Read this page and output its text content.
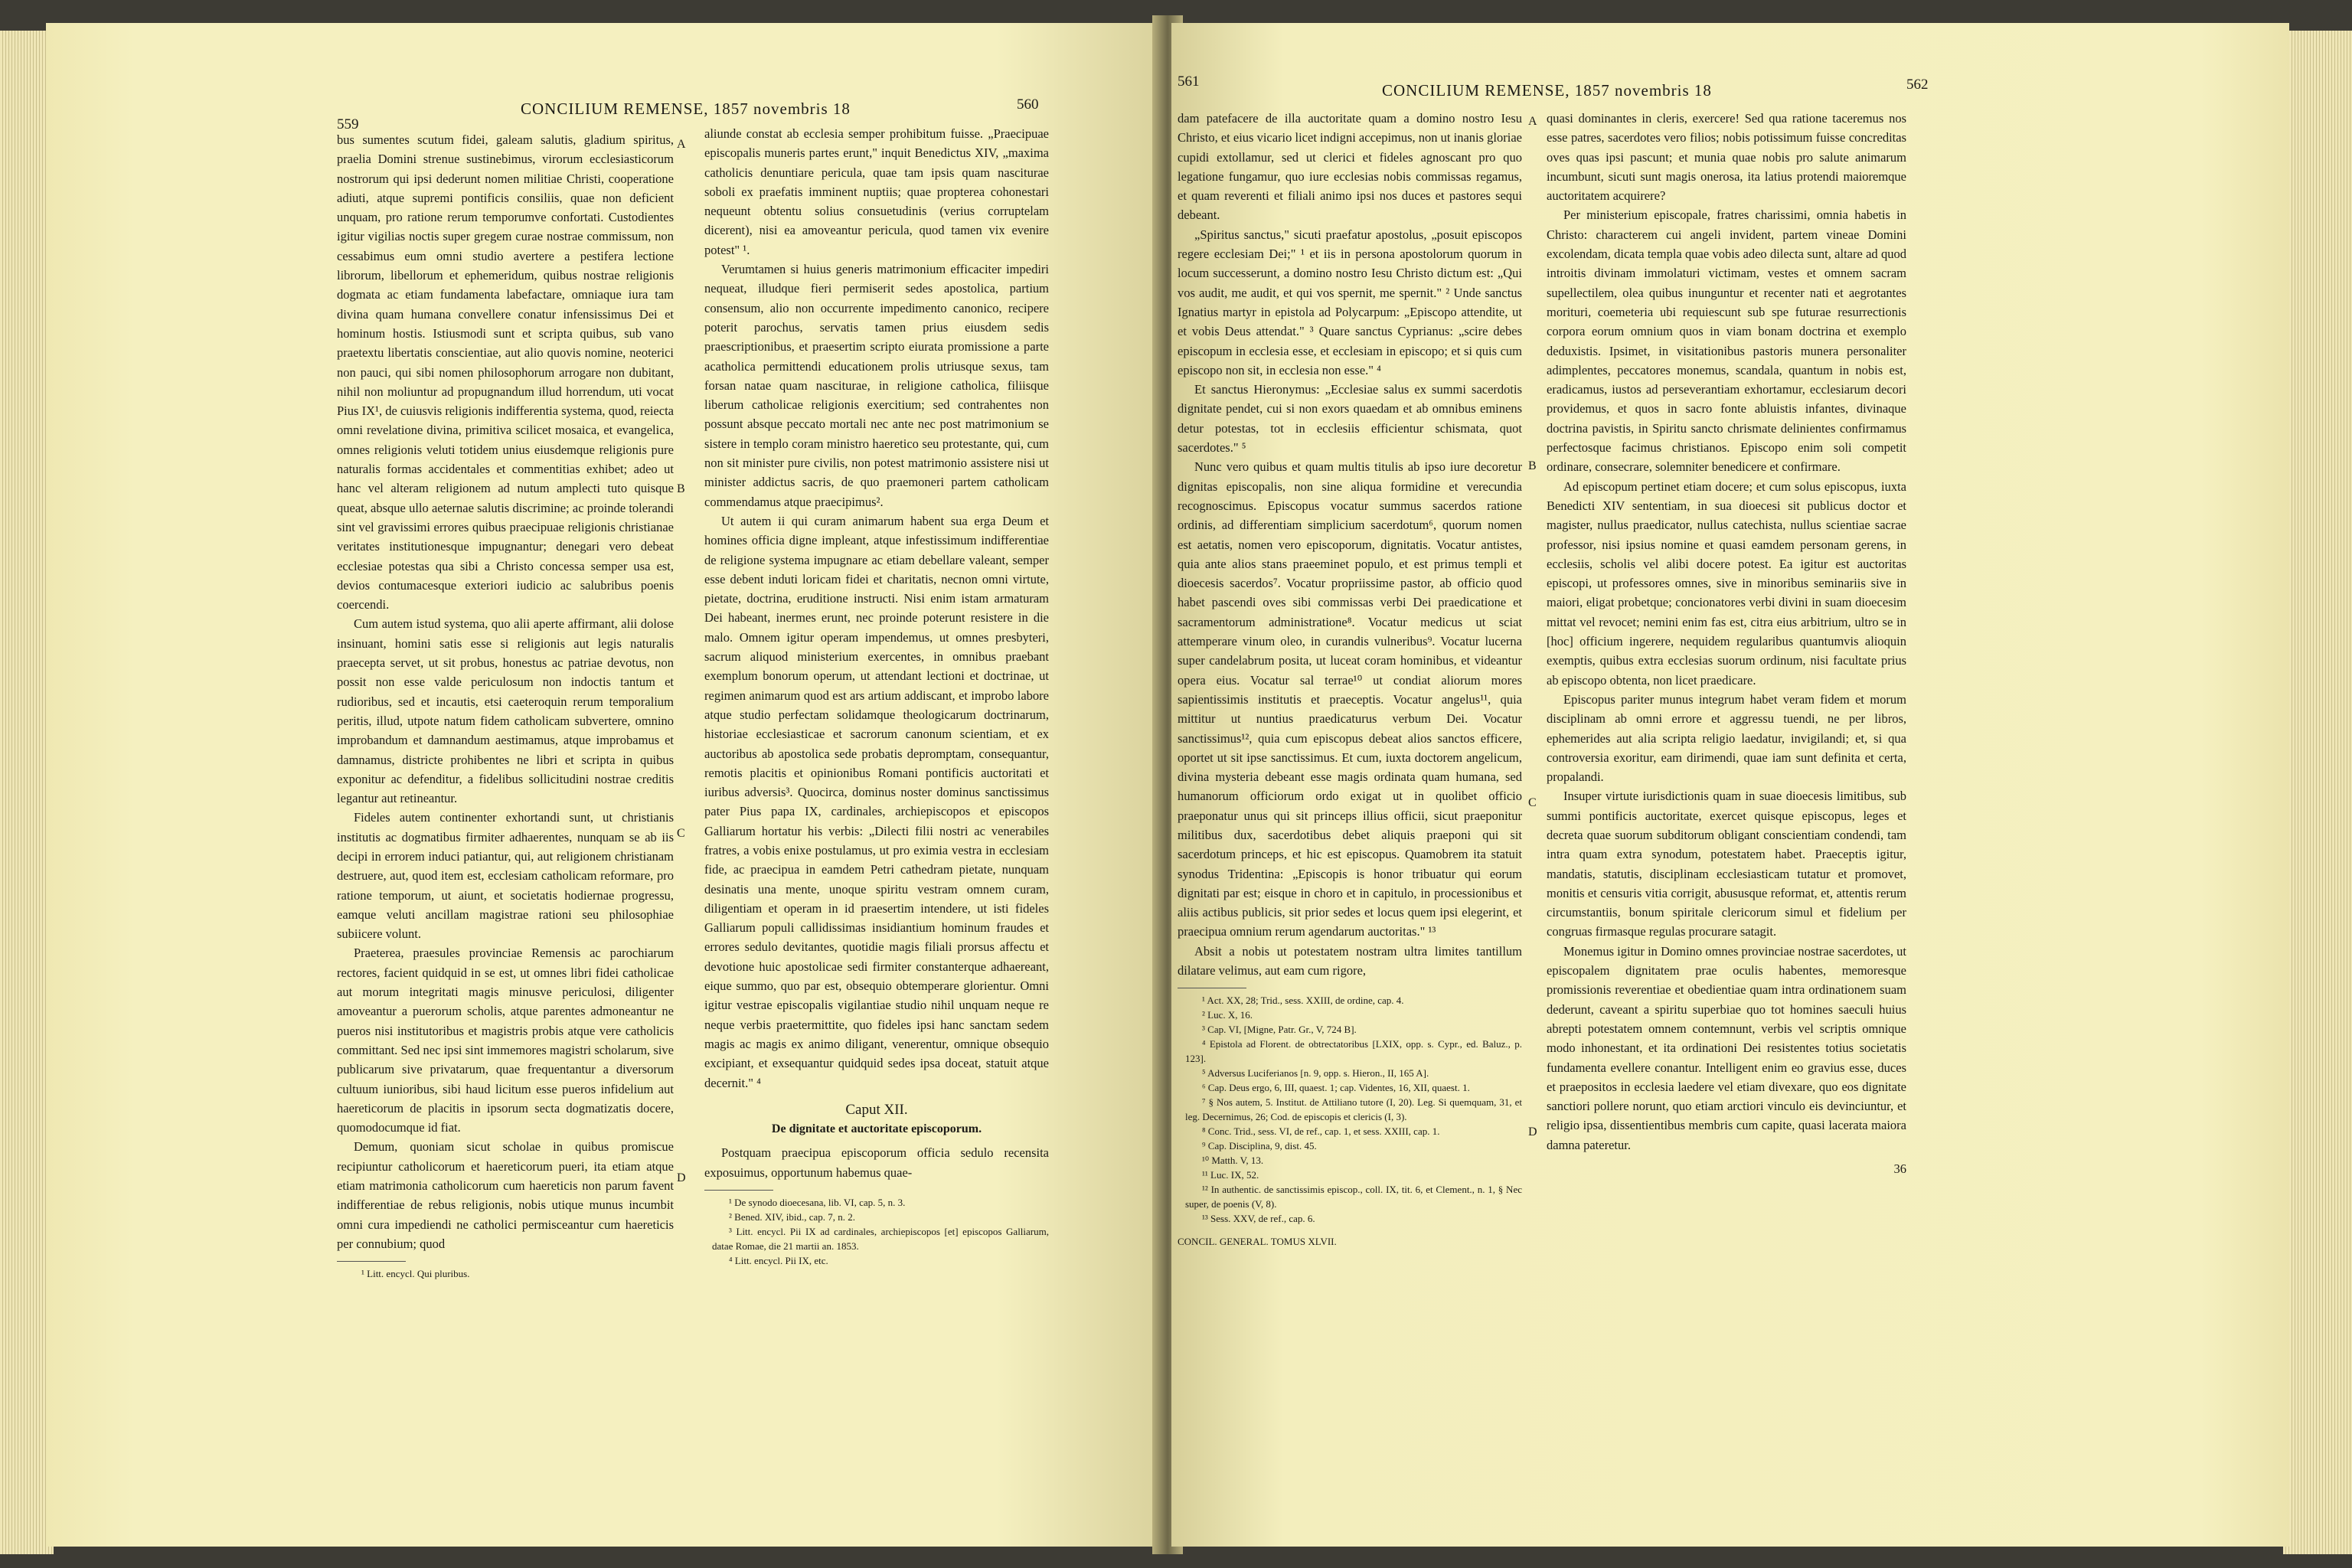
559
CONCILIUM REMENSE, 1857 novembris 18	560

bus sumentes scutum fidei, galeam salutis, gladium spiritus, praelia Domini strenue sustinebimus, virorum ecclesiasticorum nostrorum qui ipsi dederunt nomen militiae Christi, cooperatione adiuti, atque supremi pontificis consiliis, quae non deficient unquam, pro ratione rerum temporumve confortati. Custodientes igitur vigilias noctis super gregem curae nostrae commissum, non cessabimus eum omni studio avertere a pestifera lectione librorum, libellorum et ephemeridum, quibus nostrae religionis dogmata ac etiam fundamenta labefactare, omniaque iura tam divina quam humana convellere conatur infensissimus Dei et hominum hostis. Istiusmodi sunt et scripta quibus, sub vano praetextu libertatis conscientiae, aut alio quovis nomine, neoterici non pauci, qui sibi nomen philosophorum arrogare non dubitant, nihil non moliuntur ad propugnandum illud horrendum, uti vocat Pius IX¹, de cuiusvis religionis indifferentia systema, quod, reiecta omni revelatione divina, primitiva scilicet mosaica, et evangelica, omnes religionis veluti totidem unius eiusdemque religionis pure naturalis formas accidentales et commentitias exhibet; adeo ut hanc vel alteram religionem ad nutum amplecti tuto quisque queat, absque ullo aeternae salutis discrimine; ac proinde tolerandi sint vel gravissimi errores quibus praecipuae religionis christianae veritates institutionesque impugnantur; denegari vero debeat ecclesiae potestas qua sibi a Christo concessa semper usa est, devios contumacesque exteriori iudicio ac salubribus poenis coercendi.

Cum autem istud systema, quo alii aperte affirmant, alii dolose insinuant, homini satis esse si religionis aut legis naturalis praecepta servet, ut sit probus, honestus ac patriae devotus, non possit non esse valde periculosum non indoctis tantum et rudioribus, sed et incautis, etsi caeteroquin rerum temporalium peritis, illud, utpote natum fidem catholicam subvertere, omnino improbandum et damnandum aestimamus, atque improbamus et damnamus, districte prohibentes ne libri et scripta in quibus exponitur ac defenditur, a fidelibus sollicitudini nostrae creditis legantur aut retineantur.

Fideles autem continenter exhortandi sunt, ut christianis institutis ac dogmatibus firmiter adhaerentes, nunquam se ab iis decipi in errorem induci patiantur, qui, aut religionem christianam destruere, aut, quod item est, ecclesiam catholicam reformare, pro ratione temporum, ut aiunt, et societatis hodiernae progressu, eamque veluti ancillam magistrae rationi seu philosophiae subiicere volunt.

Praeterea, praesules provinciae Remensis ac parochiarum rectores, facient quidquid in se est, ut omnes libri fidei catholicae aut morum integritati magis minusve periculosi, diligenter amoveantur a puerorum scholis, atque parentes admoneantur ne pueros nisi institutoribus et magistris probis atque vere catholicis committant. Sed nec ipsi sint immemores magistri scholarum, sive publicarum sive privatarum, quae frequentantur a diversorum cultuum iunioribus, sibi haud licitum esse pueros infidelium aut haereticorum de placitis in ipsorum secta dogmatizatis docere, quomodocumque id fiat.

Demum, quoniam sicut scholae in quibus promiscue recipiuntur catholicorum et haereticorum pueri, ita etiam atque etiam matrimonia catholicorum cum haereticis non parum favent indifferentiae de rebus religionis, nobis utique munus incumbit omni cura impediendi ne catholici permisceantur cum haereticis per connubium; quod

¹ Litt. encycl. Qui pluribus.

aliunde constat ab ecclesia semper prohibitum fuisse. „Praecipuae episcopalis muneris partes erunt," inquit Benedictus XIV, „maxima catholicis denuntiare pericula, quae tam ipsis quam nasciturae soboli ex praefatis imminent nuptiis; quae propterea cohonestari nequeunt obtentu solius consuetudinis (verius corruptelam dicerent), nisi ea amoveantur pericula, quod tamen vix evenire potest" ¹.

Verumtamen si huius generis matrimonium efficaciter impediri nequeat, illudque fieri permiserit sedes apostolica, partium consensum, alio non occurrente impedimento canonico, recipere poterit parochus, servatis tamen prius eiusdem sedis praescriptionibus, et praesertim scripto eiurata promissione a parte acatholica permittendi educationem prolis utriusque sexus, tam forsan natae quam nasciturae, in religione catholica, filiisque liberum catholicae religionis exercitium; sed contrahentes non possunt absque peccato mortali nec ante nec post matrimonium se sistere in templo coram ministro haeretico seu protestante, qui, cum non sit minister pure civilis, non potest matrimonio assistere nisi ut minister addictus sacris, de quo praemoneri partem catholicam commendamus atque praecipimus².

Ut autem ii qui curam animarum habent sua erga Deum et homines officia digne impleant, atque infestissimum indifferentiae de religione systema impugnare ac etiam debellare valeant, semper esse debent induti loricam fidei et charitatis, necnon omni virtute, pietate, doctrina, eruditione instructi. Nisi enim istam armaturam Dei habeant, inermes erunt, nec proinde poterunt resistere in die malo. Omnem igitur operam impendemus, ut omnes presbyteri, sacrum aliquod ministerium exercentes, in omnibus praebant exemplum bonorum operum, ut attendant lectioni et doctrinae, ut regimen animarum quod est ars artium addiscant, et improbo labore atque studio perfectam solidamque theologicarum doctrinarum, historiae ecclesiasticae et sacrorum canonum scientiam, et ex auctoribus ab apostolica sede probatis depromptam, consequantur, remotis placitis et opinionibus Romani pontificis auctoritati et iuribus adversis³. Quocirca, dominus noster dominus sanctissimus pater Pius papa IX, cardinales, archiepiscopos et episcopos Galliarum hortatur his verbis: „Dilecti filii nostri ac venerabiles fratres, a vobis enixe postulamus, ut pro eximia vestra in ecclesiam fide, ac praecipua in eamdem Petri cathedram pietate, nunquam desinatis una mente, unoque spiritu vestram omnem curam, diligentiam et operam in id praesertim intendere, ut isti fideles Galliarum populi callidissimas insidiantium hominum fraudes et errores sedulo devitantes, quotidie magis filiali prorsus affectu et devotione huic apostolicae sedi firmiter constanterque adhaereant, eique summo, quo par est, obsequio obtemperare glorientur. Omni igitur vestrae episcopalis vigilantiae studio nihil unquam neque re neque verbis praetermittite, quo fideles ipsi hanc sanctam sedem magis ac magis ex animo diligant, venerentur, omnique obsequio excipiant, et exsequantur quidquid sedes ipsa doceat, statuit atque decernit." ⁴

Caput XII.
De dignitate et auctoritate episcoporum.

Postquam praecipua episcoporum officia sedulo recensita exposuimus, opportunum habemus quae-

¹ De synodo dioecesana, lib. VI, cap. 5, n. 3.

² Bened. XIV, ibid., cap. 7, n. 2.

³ Litt. encycl. Pii IX ad cardinales, archiepiscopos [et] episcopos Galliarum, datae Romae, die 21 martii an. 1853.

⁴ Litt. encycl. Pii IX, etc.

A
B
C
D
561	CONCILIUM REMENSE, 1857 novembris 18	562

dam patefacere de illa auctoritate quam a domino nostro Iesu Christo, et eius vicario licet indigni accepimus, non ut inanis gloriae cupidi extollamur, sed ut clerici et fideles agnoscant pro quo legatione fungamur, quo iure ecclesias nobis commissas regamus, et quam reverenti et filiali animo ipsi nos duces et pastores sequi debeant.

„Spiritus sanctus," sicuti praefatur apostolus, „posuit episcopos regere ecclesiam Dei;" ¹ et iis in persona apostolorum quorum in locum successerunt, a domino nostro Iesu Christo dictum est: „Qui vos audit, me audit, et qui vos spernit, me spernit." ² Unde sanctus Ignatius martyr in epistola ad Polycarpum: „Episcopo attendite, ut et vobis Deus attendat." ³ Quare sanctus Cyprianus: „scire debes episcopum in ecclesia esse, et ecclesiam in episcopo; et si quis cum episcopo non sit, in ecclesia non esse." ⁴

Et sanctus Hieronymus: „Ecclesiae salus ex summi sacerdotis dignitate pendet, cui si non exors quaedam et ab omnibus eminens detur potestas, tot in ecclesiis efficientur schismata, quot sacerdotes." ⁵

Nunc vero quibus et quam multis titulis ab ipso iure decoretur dignitas episcopalis, non sine aliqua formidine et verecundia recognoscimus. Episcopus vocatur summus sacerdos ratione ordinis, ad differentiam simplicium sacerdotum⁶, quorum nomen est aetatis, nomen vero episcoporum, dignitatis. Vocatur antistes, quia ante alios stans praeeminet populo, et est primus templi et dioecesis sacerdos⁷. Vocatur propriissime pastor, ab officio quod habet pascendi oves sibi commissas verbi Dei praedicatione et sacramentorum administratione⁸. Vocatur medicus ut sciat attemperare vinum oleo, in curandis vulneribus⁹. Vocatur lucerna super candelabrum posita, ut luceat coram hominibus, et videantur opera eius. Vocatur sal terrae¹⁰ ut condiat aliorum mores sapientissimis institutis et praeceptis. Vocatur angelus¹¹, quia mittitur ut nuntius praedicaturus verbum Dei. Vocatur sanctissimus¹², quia cum episcopus debeat alios sanctos efficere, oportet ut sit ipse sanctissimus. Et cum, iuxta doctorem angelicum, divina mysteria debeant esse magis ordinata quam humana, sed humanorum officiorum ordo exigat ut in quolibet officio praeponatur unus qui sit princeps illius officii, sicut praeponitur militibus dux, sacerdotibus debet aliquis praeponi qui sit sacerdotum princeps, et hic est episcopus. Quamobrem ita statuit synodus Tridentina: „Episcopis is honor tribuatur qui eorum dignitati par est; eisque in choro et in capitulo, in processionibus et aliis actibus publicis, sit prior sedes et locus quem ipsi elegerint, et praecipua omnium rerum agendarum auctoritas." ¹³

Absit a nobis ut potestatem nostram ultra limites tantillum dilatare velimus, aut eam cum rigore,

¹ Act. XX, 28; Trid., sess. XXIII, de ordine, cap. 4.

² Luc. X, 16.

³ Cap. VI, [Migne, Patr. Gr., V, 724 B].

⁴ Epistola ad Florent. de obtrectatoribus [LXIX, opp. s. Cypr., ed. Baluz., p. 123].

⁵ Adversus Luciferianos [n. 9, opp. s. Hieron., II, 165 A].

⁶ Cap. Deus ergo, 6, III, quaest. 1; cap. Videntes, 16, XII, quaest. 1.

⁷ § Nos autem, 5. Institut. de Attiliano tutore (I, 20). Leg. Si quemquam, 31, et leg. Decernimus, 26; Cod. de episcopis et clericis (I, 3).

⁸ Conc. Trid., sess. VI, de ref., cap. 1, et sess. XXIII, cap. 1.

⁹ Cap. Disciplina, 9, dist. 45.

¹⁰ Matth. V, 13.

¹¹ Luc. IX, 52.

¹² In authentic. de sanctissimis episcop., coll. IX, tit. 6, et Clement., n. 1, § Nec super, de poenis (V, 8).

¹³ Sess. XXV, de ref., cap. 6.

CONCIL. GENERAL. TOMUS XLVII.

quasi dominantes in cleris, exercere! Sed qua ratione taceremus nos esse patres, sacerdotes vero filios; nobis potissimum fuisse concreditas oves quas ipsi pascunt; et munia quae nobis pro salute animarum incumbunt, sicuti sunt magis onerosa, ita latius protendi maioremque auctoritatem acquirere?

Per ministerium episcopale, fratres charissimi, omnia habetis in Christo: characterem cui angeli invident, partem vineae Domini excolendam, dicata templa quae vobis adeo dilecta sunt, altare ad quod introitis divinam immolaturi victimam, vestes et omnem sacram supellectilem, olea quibus inunguntur et recenter nati et aegrotantes morituri, coemeteria ubi requiescunt sub spe futurae resurrectionis corpora eorum omnium quos in viam bonam doctrina et exemplo deduxistis. Ipsimet, in visitationibus pastoris munera personaliter adimplentes, peccatores monemus, scandala, quantum in nobis est, eradicamus, iustos ad perseverantiam exhortamur, ecclesiarum decori providemus, et quos in sacro fonte abluistis infantes, divinaque doctrina pavistis, in Spiritu sancto chrismate delinientes confirmamus perfectosque facimus christianos. Episcopo enim soli competit ordinare, consecrare, solemniter benedicere et confirmare.

Ad episcopum pertinet etiam docere; et cum solus episcopus, iuxta Benedicti XIV sententiam, in sua dioecesi sit publicus doctor et magister, nullus praedicator, nullus catechista, nullus scientiae sacrae professor, nisi ipsius nomine et quasi eamdem personam gerens, in ecclesiis, scholis vel alibi docere potest. Ea igitur est auctoritas episcopi, ut professores omnes, sive in minoribus seminariis sive in maiori, eligat probetque; concionatores verbi divini in suam dioecesim mittat vel revocet; nemini enim fas est, citra eius arbitrium, ultro se in [hoc] officium ingerere, nequidem regularibus quantumvis alioquin exemptis, quibus extra ecclesias suorum ordinum, nisi facultate prius ab episcopo obtenta, non licet praedicare.

Episcopus pariter munus integrum habet veram fidem et morum disciplinam ab omni errore et aggressu tuendi, ne per libros, ephemerides aut alia scripta religio laedatur, invigilandi; et, si qua controversia exoritur, eam dirimendi, quae iam sunt definita et certa, propalandi.

Insuper virtute iurisdictionis quam in suae dioecesis limitibus, sub summi pontificis auctoritate, exercet quisque episcopus, leges et decreta quae suorum subditorum obligant conscientiam condendi, tam intra quam extra synodum, potestatem habet. Praeceptis igitur, mandatis, statutis, disciplinam ecclesiasticam tutatur et promovet, monitis et censuris vitia corrigit, abususque reformat, et, attentis rerum circumstantiis, bonum spiritale clericorum simul et fidelium per congruas firmasque regulas procurare satagit.

Monemus igitur in Domino omnes provinciae nostrae sacerdotes, ut episcopalem dignitatem prae oculis habentes, memoresque promissionis reverentiae et obedientiae quam intra ordinationem suam dederunt, caveant a spiritu superbiae quo tot homines saeculi huius abrepti potestatem omnem contemnunt, verbis vel scriptis omnique modo inhonestant, et ita ordinationi Dei resistentes totius societatis fundamenta evellere conantur. Intelligent enim eo gravius esse, duces et praepositos in ecclesia laedere vel etiam divexare, quo eos dignitate sanctiori pollere norunt, quo etiam arctiori vinculo eis devinciuntur, et religio ipsa, dissentientibus membris cum capite, quasi lacerata maiora damna pateretur.

36
A
B
C
D
